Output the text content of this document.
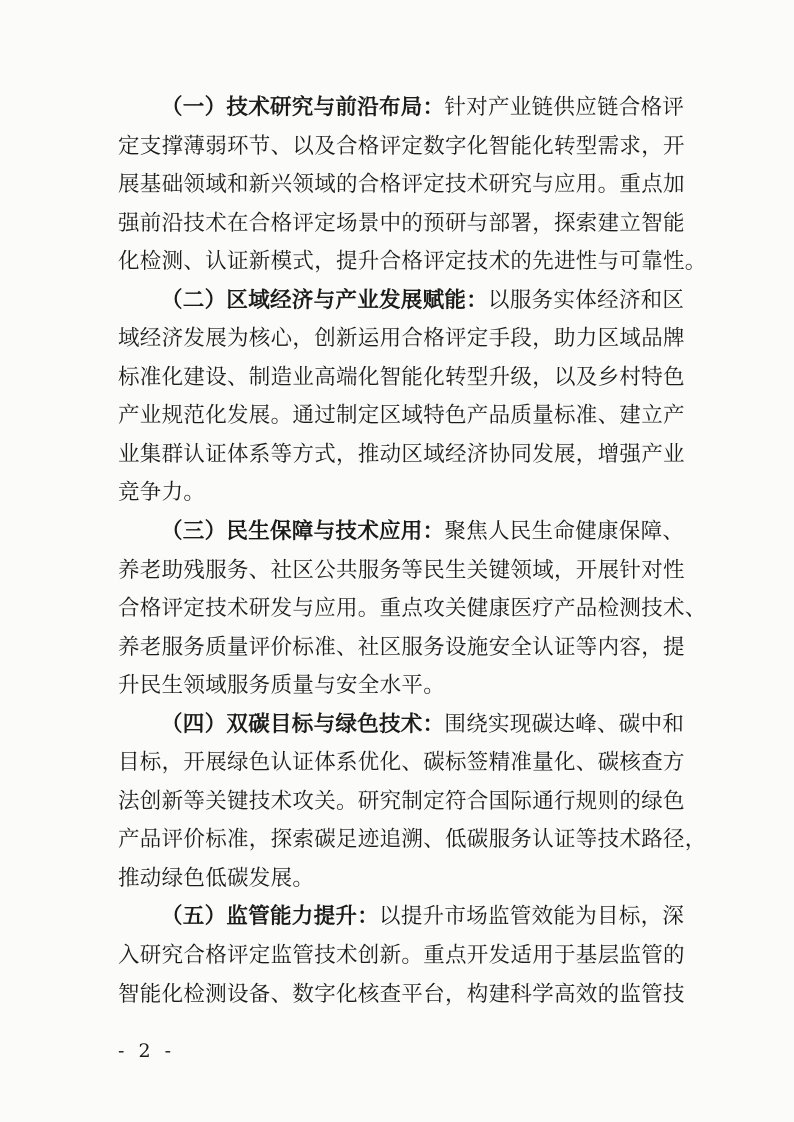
（一）技术研究与前沿布局：针对产业链供应链合格评
定支撑薄弱环节、以及合格评定数字化智能化转型需求，开
展基础领域和新兴领域的合格评定技术研究与应用。重点加
强前沿技术在合格评定场景中的预研与部署，探索建立智能
化检测、认证新模式，提升合格评定技术的先进性与可靠性。
（二）区域经济与产业发展赋能：以服务实体经济和区
域经济发展为核心，创新运用合格评定手段，助力区域品牌
标准化建设、制造业高端化智能化转型升级，以及乡村特色
产业规范化发展。通过制定区域特色产品质量标准、建立产
业集群认证体系等方式，推动区域经济协同发展，增强产业
竞争力。
（三）民生保障与技术应用：聚焦人民生命健康保障、
养老助残服务、社区公共服务等民生关键领域，开展针对性
合格评定技术研发与应用。重点攻关健康医疗产品检测技术、
养老服务质量评价标准、社区服务设施安全认证等内容，提
升民生领域服务质量与安全水平。
（四）双碳目标与绿色技术：围绕实现碳达峰、碳中和
目标，开展绿色认证体系优化、碳标签精准量化、碳核查方
法创新等关键技术攻关。研究制定符合国际通行规则的绿色
产品评价标准，探索碳足迹追溯、低碳服务认证等技术路径，
推动绿色低碳发展。
（五）监管能力提升：以提升市场监管效能为目标，深
入研究合格评定监管技术创新。重点开发适用于基层监管的
智能化检测设备、数字化核查平台，构建科学高效的监管技
- 2 -
